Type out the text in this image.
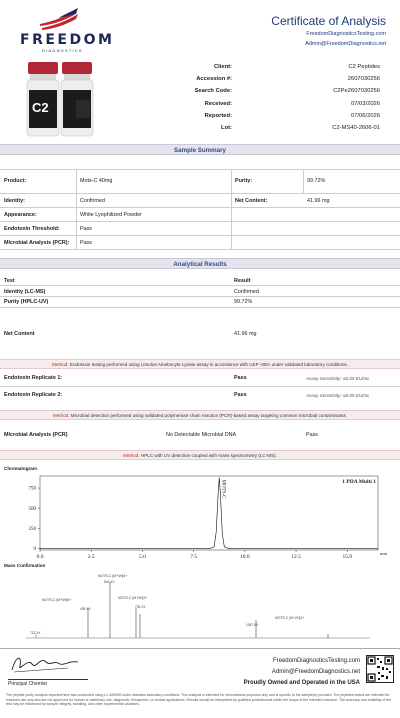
FREEDOM
DIAGNOSTICS
Certificate of Analysis
FreedomDiagnosticsTesting.com
Admin@FreedomDiagnostics.net
C2
Client:	C2 Peptides
Accession #:	2607030256
Search Code:	C2Pe2607030256
Received:	07/03/2026
Reported:	07/06/2026
Lot:	C2-MS40-2606-01
Sample Summary
Product:	Mots-C 40mg	Purity:	99.72%
Identity:	Confirmed	Net Content:	41.96 mg
Appearance:	White Lyophilized Powder
Endotoxin Threshold:	Pass
Microbial Analysis (PCR): Pass
Analytical Results
Test	Result
Identity (LC-MS)	Confirmed
Purity (HPLC-UV)	99.72%
Net Content	41.96 mg
Method: Endotoxin testing performed using Limulus Amebocyte Lysate assay in accordance with USP <85> under validated laboratory conditions.
Endotoxin Replicate 1:	Pass	Assay Sensitivity: ≤0.05 EU/mL
Endotoxin Replicate 2:	Pass	Assay Sensitivity: ≤0.05 EU/mL
Method: Microbial detection performed using validated polymerase chain reaction (PCR)-based assay targeting common microbial contaminants.
Microbial Analysis (PCR)	No Detectable Microbial DNA	Pass
Method: HPLC with UV detection coupled with mass spectrometry (LC-MS).
Chromatogram
750
500
250
0
0.0	2.5	5.0	7.5	10.0	12.5	15.0
min
1 PDA Multi 1
MOTS-C
Mass Confirmation
MOTS-C [M+4H]4+
544.XX
MOTS-C [M+3H]3+
725.XX
MOTS-C [M+5H]5+
435.XX
MOTS-C [M+2H]2+
1087.XX
722.XX
Principal Chemist
FreedomDiagnosticsTesting.com
Admin@FreedomDiagnostics.net
Proudly Owned and Operated in the USA
The peptide purity analysis reported here was conducted using LC-MS/MS under standard laboratory conditions. This analysis is intended for informational purposes only and is specific to the sample(s) provided. The peptides tested are intended for research use only and are not approved for human or veterinary use, diagnostic, therapeutic, or clinical applications. Results should be interpreted by qualified professionals within the scope of the intended research. The accuracy and reliability of the test may be influenced by sample integrity, handling, and other experimental variables.
